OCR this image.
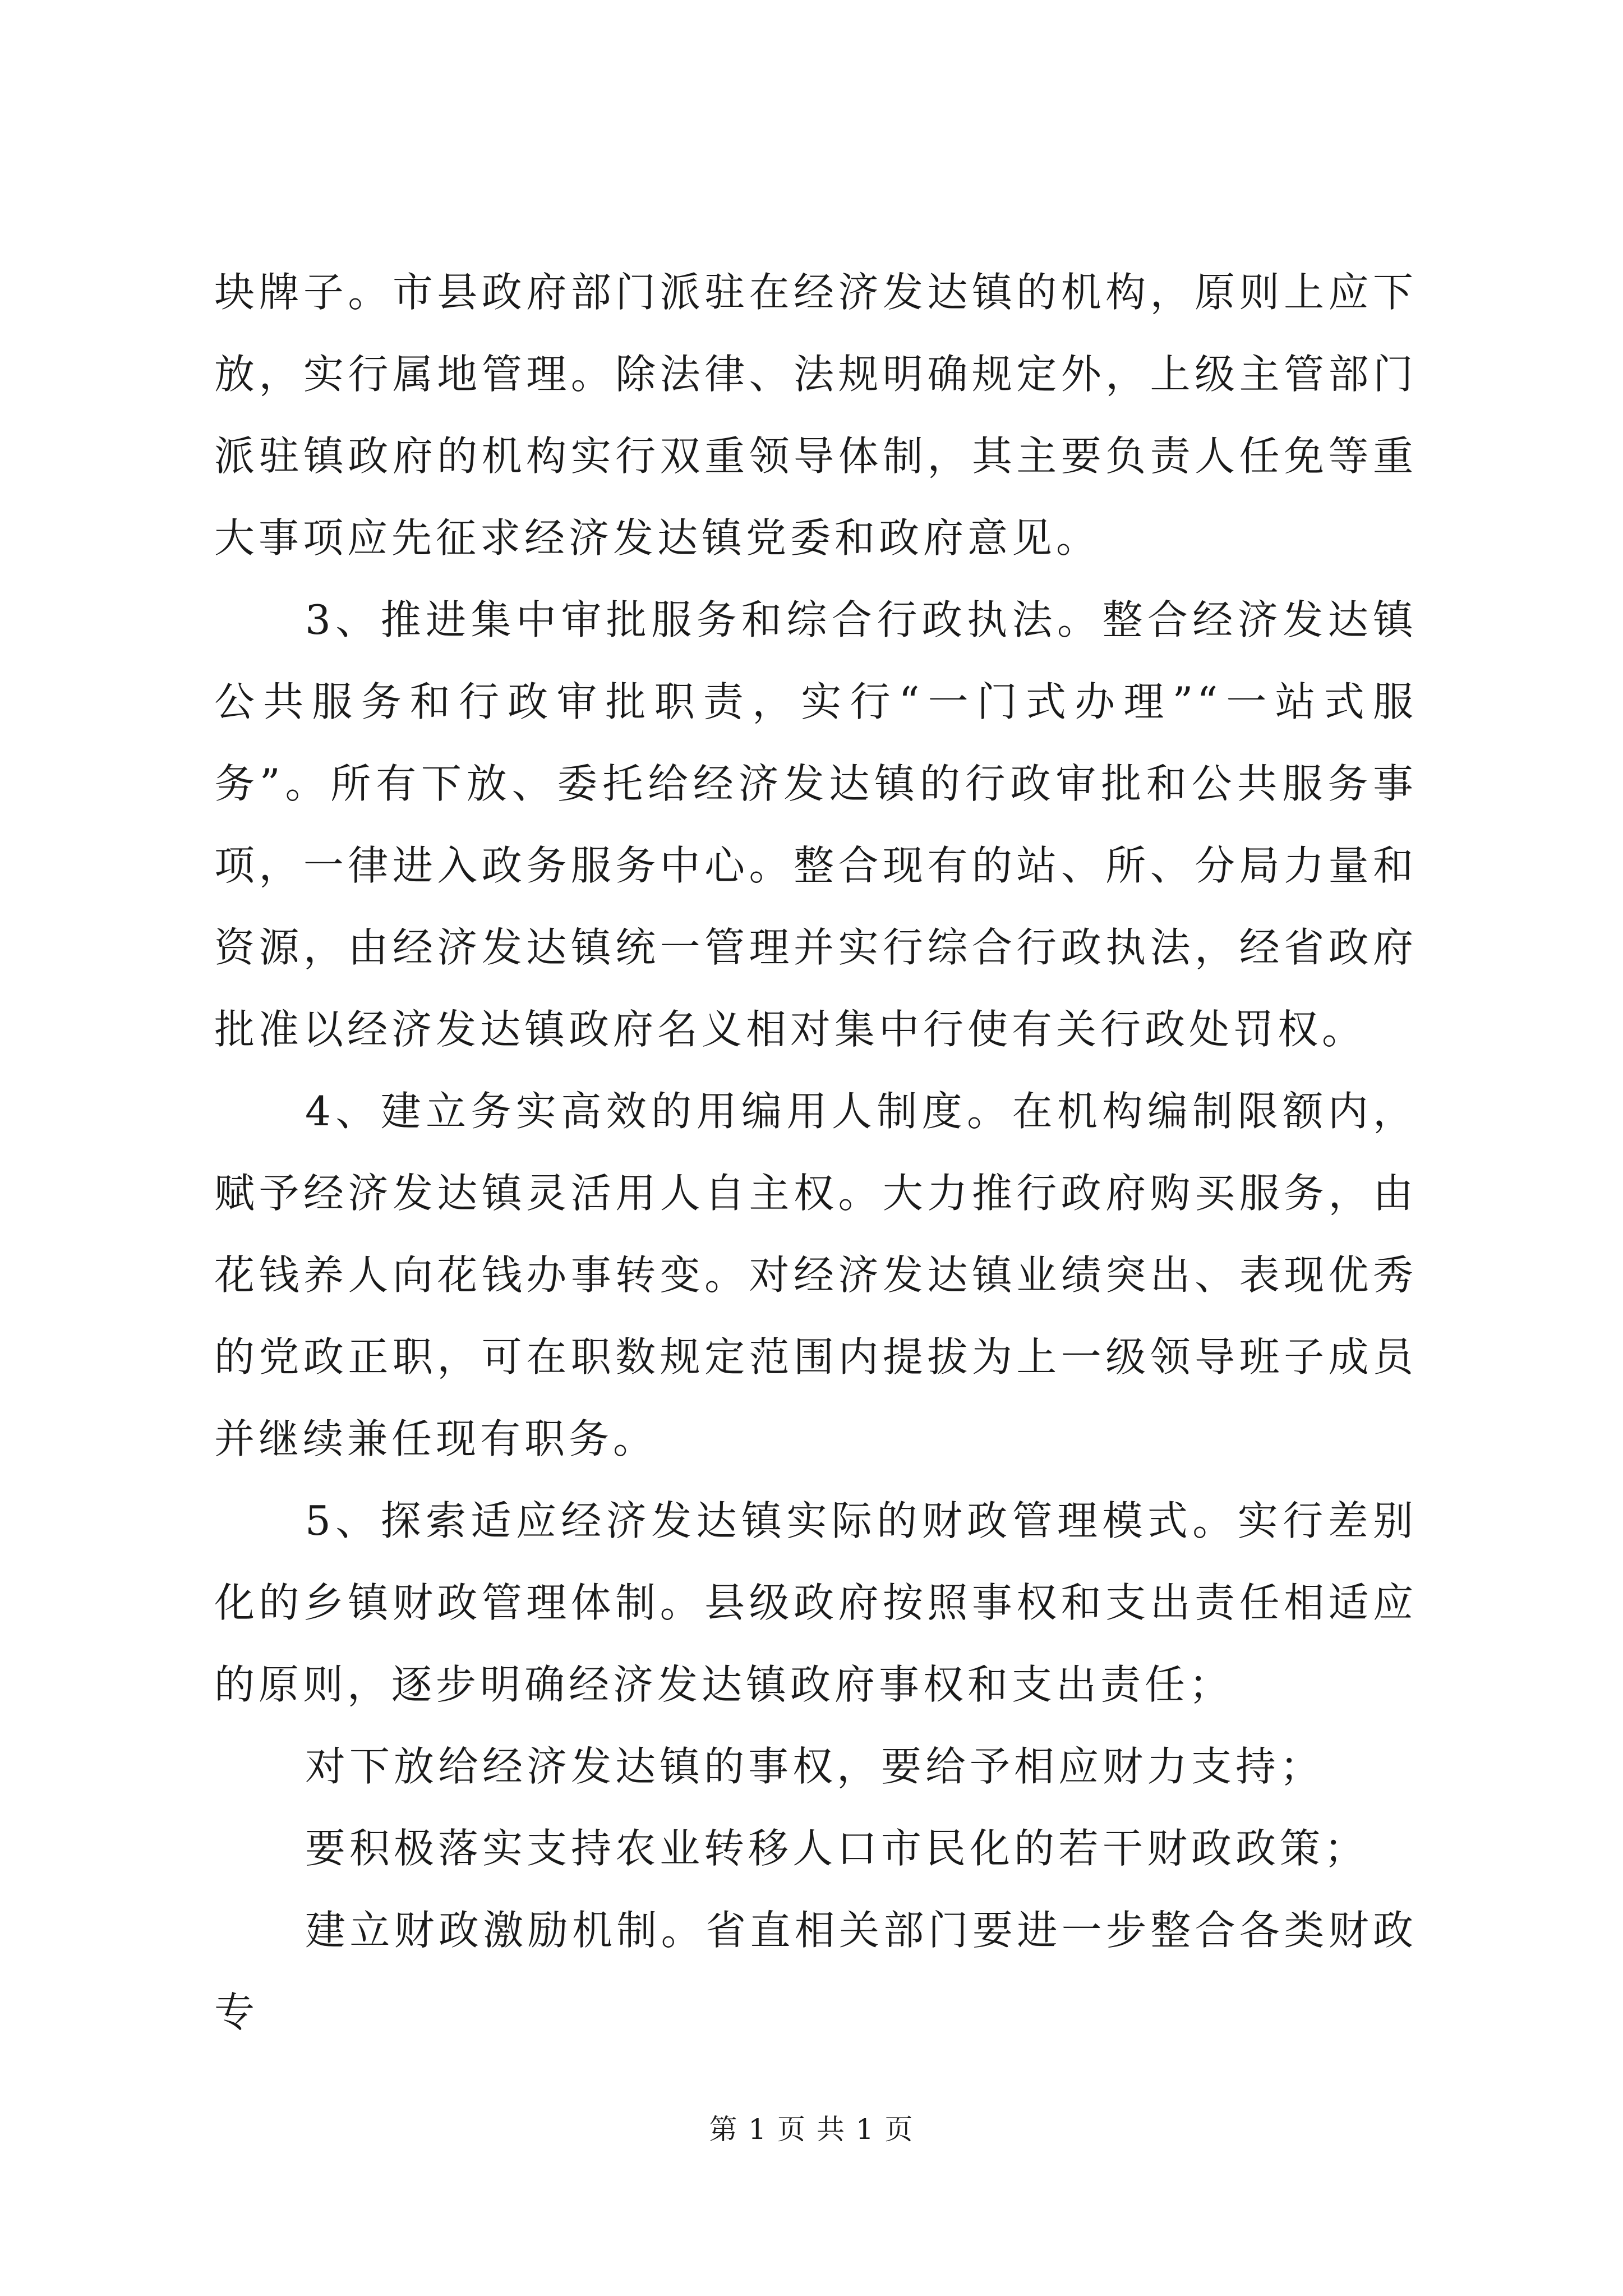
块牌子。市县政府部门派驻在经济发达镇的机构，原则上应下放，实行属地管理。除法律、法规明确规定外，上级主管部门派驻镇政府的机构实行双重领导体制，其主要负责人任免等重大事项应先征求经济发达镇党委和政府意见。

3、推进集中审批服务和综合行政执法。整合经济发达镇公共服务和行政审批职责，实行“一门式办理”“一站式服务”。所有下放、委托给经济发达镇的行政审批和公共服务事项，一律进入政务服务中心。整合现有的站、所、分局力量和资源，由经济发达镇统一管理并实行综合行政执法，经省政府批准以经济发达镇政府名义相对集中行使有关行政处罚权。

4、建立务实高效的用编用人制度。在机构编制限额内，赋予经济发达镇灵活用人自主权。大力推行政府购买服务，由花钱养人向花钱办事转变。对经济发达镇业绩突出、表现优秀的党政正职，可在职数规定范围内提拔为上一级领导班子成员并继续兼任现有职务。

5、探索适应经济发达镇实际的财政管理模式。实行差别化的乡镇财政管理体制。县级政府按照事权和支出责任相适应的原则，逐步明确经济发达镇政府事权和支出责任；

对下放给经济发达镇的事权，要给予相应财力支持；

要积极落实支持农业转移人口市民化的若干财政政策；

建立财政激励机制。省直相关部门要进一步整合各类财政专

第 1 页 共 1 页
